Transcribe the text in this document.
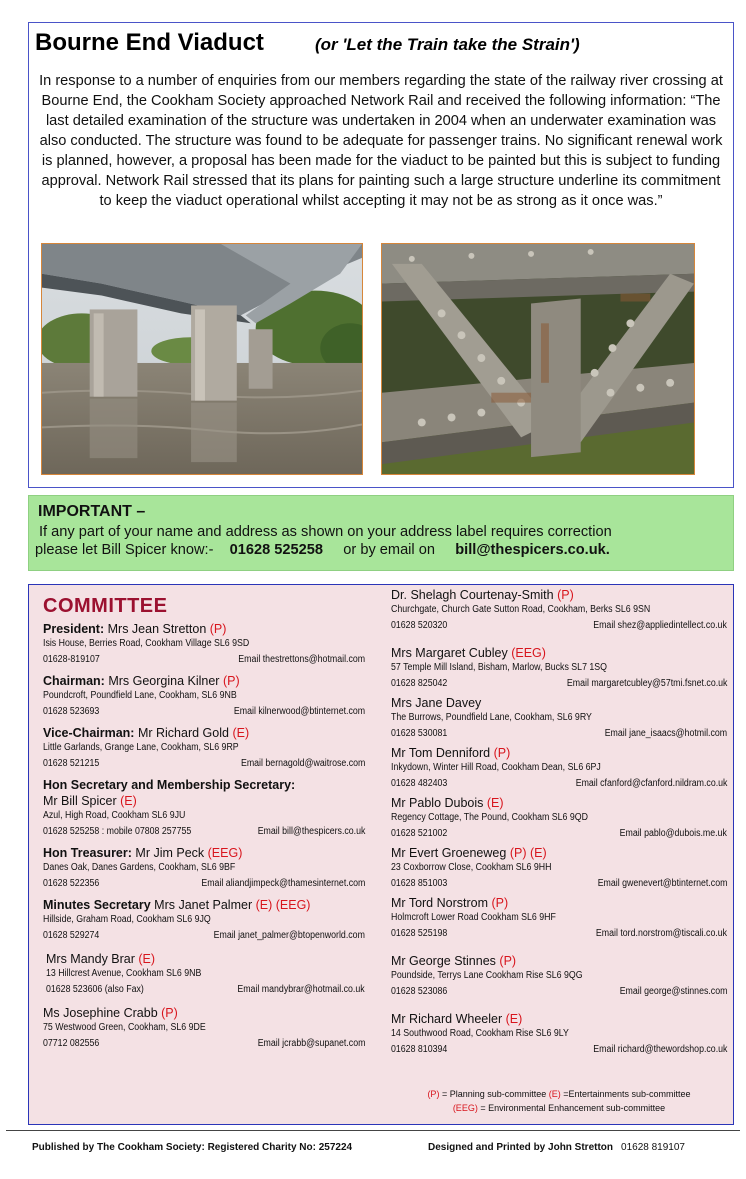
Bourne End Viaduct	(or 'Let the Train take the Strain')

In response to a number of enquiries from our members regarding the state of the railway river crossing at Bourne End, the Cookham Society approached Network Rail and received the following information: “The last detailed examination of the structure was undertaken in 2004 when an underwater examination was also conducted. The structure was found to be adequate for passenger trains. No significant renewal work is planned, however, a proposal has been made for the viaduct to be painted but this is subject to funding approval. Network Rail stressed that its plans for painting such a large structure underline its commitment to keep the viaduct operational whilst accepting it may not be as strong as it once was.”

IMPORTANT –
If any part of your name and address as shown on your address label requires correction
please let Bill Spicer know:- 01628 525258 or by email on bill@thespicers.co.uk.
COMMITTEE
President: Mrs Jean Stretton (P)
Isis House, Berries Road, Cookham Village SL6 9SD
01628-819107	Email thestrettons@hotmail.com
Chairman: Mrs Georgina Kilner (P)
Poundcroft, Poundfield Lane, Cookham, SL6 9NB
01628 523693	Email kilnerwood@btinternet.com
Vice-Chairman: Mr Richard Gold (E)
Little Garlands, Grange Lane, Cookham, SL6 9RP
01628 521215	Email bernagold@waitrose.com
Hon Secretary and Membership Secretary:
Mr Bill Spicer (E)
Azul, High Road, Cookham SL6 9JU
01628 525258 : mobile 07808 257755	Email bill@thespicers.co.uk
Hon Treasurer: Mr Jim Peck (EEG)
Danes Oak, Danes Gardens, Cookham, SL6 9BF
01628 522356	Email aliandjimpeck@thamesinternet.com
Minutes Secretary Mrs Janet Palmer (E) (EEG)
Hillside, Graham Road, Cookham SL6 9JQ
01628 529274	Email janet_palmer@btopenworld.com
Mrs Mandy Brar (E)
13 Hillcrest Avenue, Cookham SL6 9NB
01628 523606 (also Fax)	Email mandybrar@hotmail.co.uk
Ms Josephine Crabb (P)
75 Westwood Green, Cookham, SL6 9DE
07712 082556	Email jcrabb@supanet.com
Dr. Shelagh Courtenay-Smith (P)
Churchgate, Church Gate Sutton Road, Cookham, Berks SL6 9SN
01628 520320	Email shez@appliedintellect.co.uk
Mrs Margaret Cubley (EEG)
57 Temple Mill Island, Bisham, Marlow, Bucks SL7 1SQ
01628 825042	Email margaretcubley@57tmi.fsnet.co.uk
Mrs Jane Davey
The Burrows, Poundfield Lane, Cookham, SL6 9RY
01628 530081	Email jane_isaacs@hotmil.com
Mr Tom Denniford (P)
Inkydown, Winter Hill Road, Cookham Dean, SL6 6PJ
01628 482403	Email cfanford@cfanford.nildram.co.uk
Mr Pablo Dubois (E)
Regency Cottage, The Pound, Cookham SL6 9QD
01628 521002	Email pablo@dubois.me.uk
Mr Evert Groeneweg (P) (E)
23 Coxborrow Close, Cookham SL6 9HH
01628 851003	Email gwenevert@btinternet.com
Mr Tord Norstrom (P)
Holmcroft Lower Road Cookham SL6 9HF
01628 525198	Email tord.norstrom@tiscali.co.uk
Mr George Stinnes (P)
Poundside, Terrys Lane Cookham Rise SL6 9QG
01628 523086	Email george@stinnes.com
Mr Richard Wheeler (E)
14 Southwood Road, Cookham Rise SL6 9LY
01628 810394	Email richard@thewordshop.co.uk
(P) = Planning sub-committee (E) =Entertainments sub-committee
(EEG) = Environmental Enhancement sub-committee
Published by The Cookham Society: Registered Charity No: 257224	Designed and Printed by John Stretton 01628 819107
